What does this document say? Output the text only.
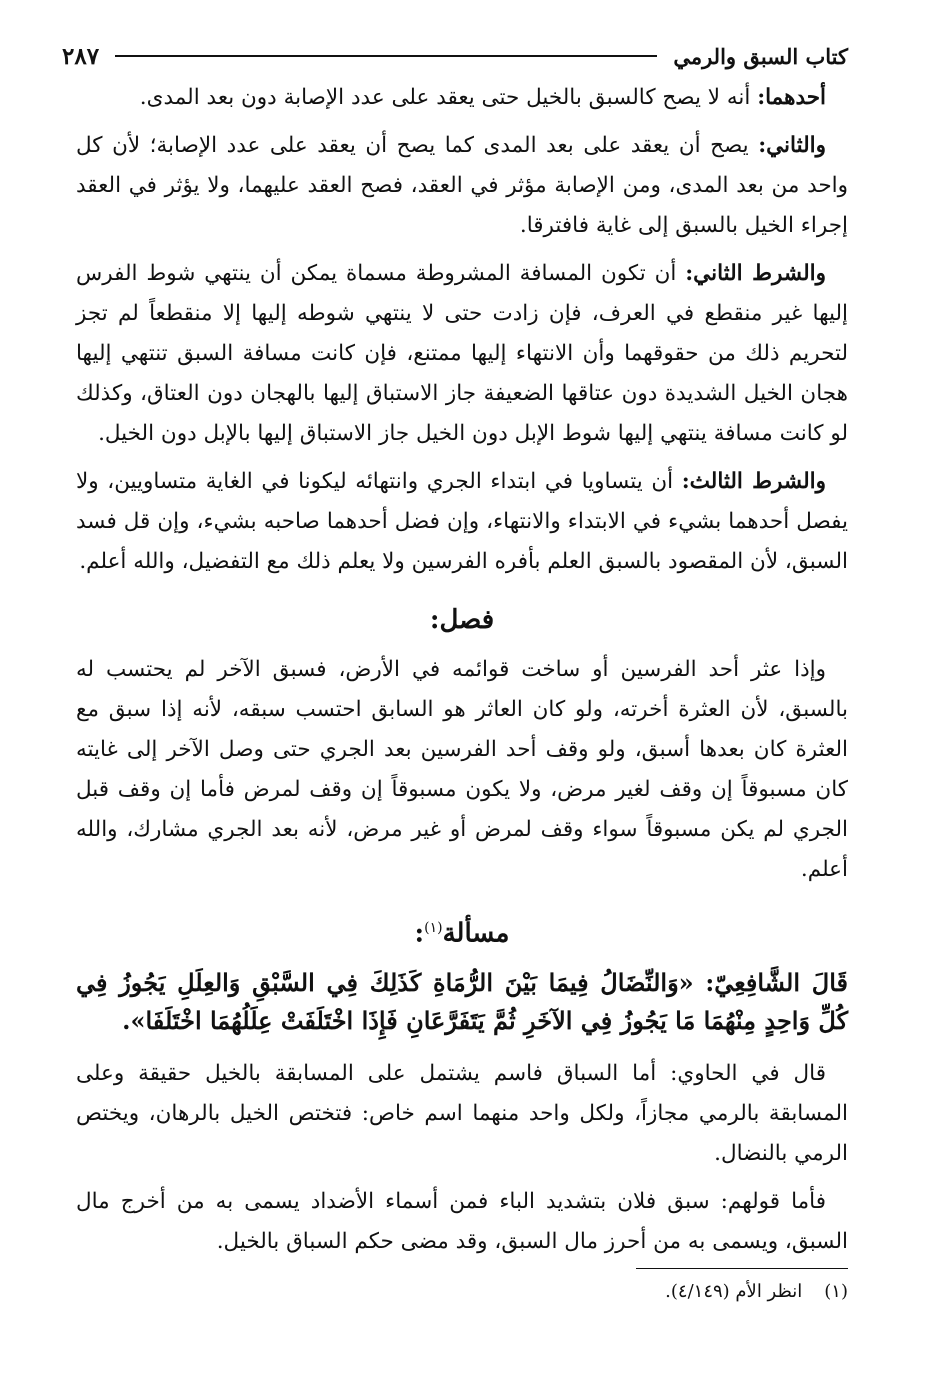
كتاب السبق والرمي
٢٨٧

أحدهما: أنه لا يصح كالسبق بالخيل حتى يعقد على عدد الإصابة دون بعد المدى.

والثاني: يصح أن يعقد على بعد المدى كما يصح أن يعقد على عدد الإصابة؛ لأن كل واحد من بعد المدى، ومن الإصابة مؤثر في العقد، فصح العقد عليهما، ولا يؤثر في العقد إجراء الخيل بالسبق إلى غاية فافترقا.

والشرط الثاني: أن تكون المسافة المشروطة مسماة يمكن أن ينتهي شوط الفرس إليها غير منقطع في العرف، فإن زادت حتى لا ينتهي شوطه إليها إلا منقطعاً لم تجز لتحريم ذلك من حقوقهما وأن الانتهاء إليها ممتنع، فإن كانت مسافة السبق تنتهي إليها هجان الخيل الشديدة دون عتاقها الضعيفة جاز الاستباق إليها بالهجان دون العتاق، وكذلك لو كانت مسافة ينتهي إليها شوط الإبل دون الخيل جاز الاستباق إليها بالإبل دون الخيل.

والشرط الثالث: أن يتساويا في ابتداء الجري وانتهائه ليكونا في الغاية متساويين، ولا يفصل أحدهما بشيء في الابتداء والانتهاء، وإن فضل أحدهما صاحبه بشيء، وإن قل فسد السبق، لأن المقصود بالسبق العلم بأفره الفرسين ولا يعلم ذلك مع التفضيل، والله أعلم.

فصل:

وإذا عثر أحد الفرسين أو ساخت قوائمه في الأرض، فسبق الآخر لم يحتسب له بالسبق، لأن العثرة أخرته، ولو كان العاثر هو السابق احتسب سبقه، لأنه إذا سبق مع العثرة كان بعدها أسبق، ولو وقف أحد الفرسين بعد الجري حتى وصل الآخر إلى غايته كان مسبوقاً إن وقف لغير مرض، ولا يكون مسبوقاً إن وقف لمرض فأما إن وقف قبل الجري لم يكن مسبوقاً سواء وقف لمرض أو غير مرض، لأنه بعد الجري مشارك، والله أعلم.

مسألة$^{(١)}$:

قَالَ الشَّافِعِيّ: «وَالنِّضَالُ فِيمَا بَيْنَ الرُّمَاةِ كَذَلِكَ فِي السَّبْقِ وَالعِلَلِ يَجُوزُ فِي كُلِّ وَاحِدٍ مِنْهُمَا مَا يَجُوزُ فِي الآخَرِ ثُمَّ يَتَفَرَّعَانِ فَإِذَا اخْتَلَفَتْ عِلَلُهُمَا اخْتَلَفَا».

قال في الحاوي: أما السباق فاسم يشتمل على المسابقة بالخيل حقيقة وعلى المسابقة بالرمي مجازاً، ولكل واحد منهما اسم خاص: فتختص الخيل بالرهان، ويختص الرمي بالنضال.

فأما قولهم: سبق فلان بتشديد الباء فمن أسماء الأضداد يسمى به من أخرج مال السبق، ويسمى به من أحرز مال السبق، وقد مضى حكم السباق بالخيل.

(١)انظر الأم (٤/١٤٩).
